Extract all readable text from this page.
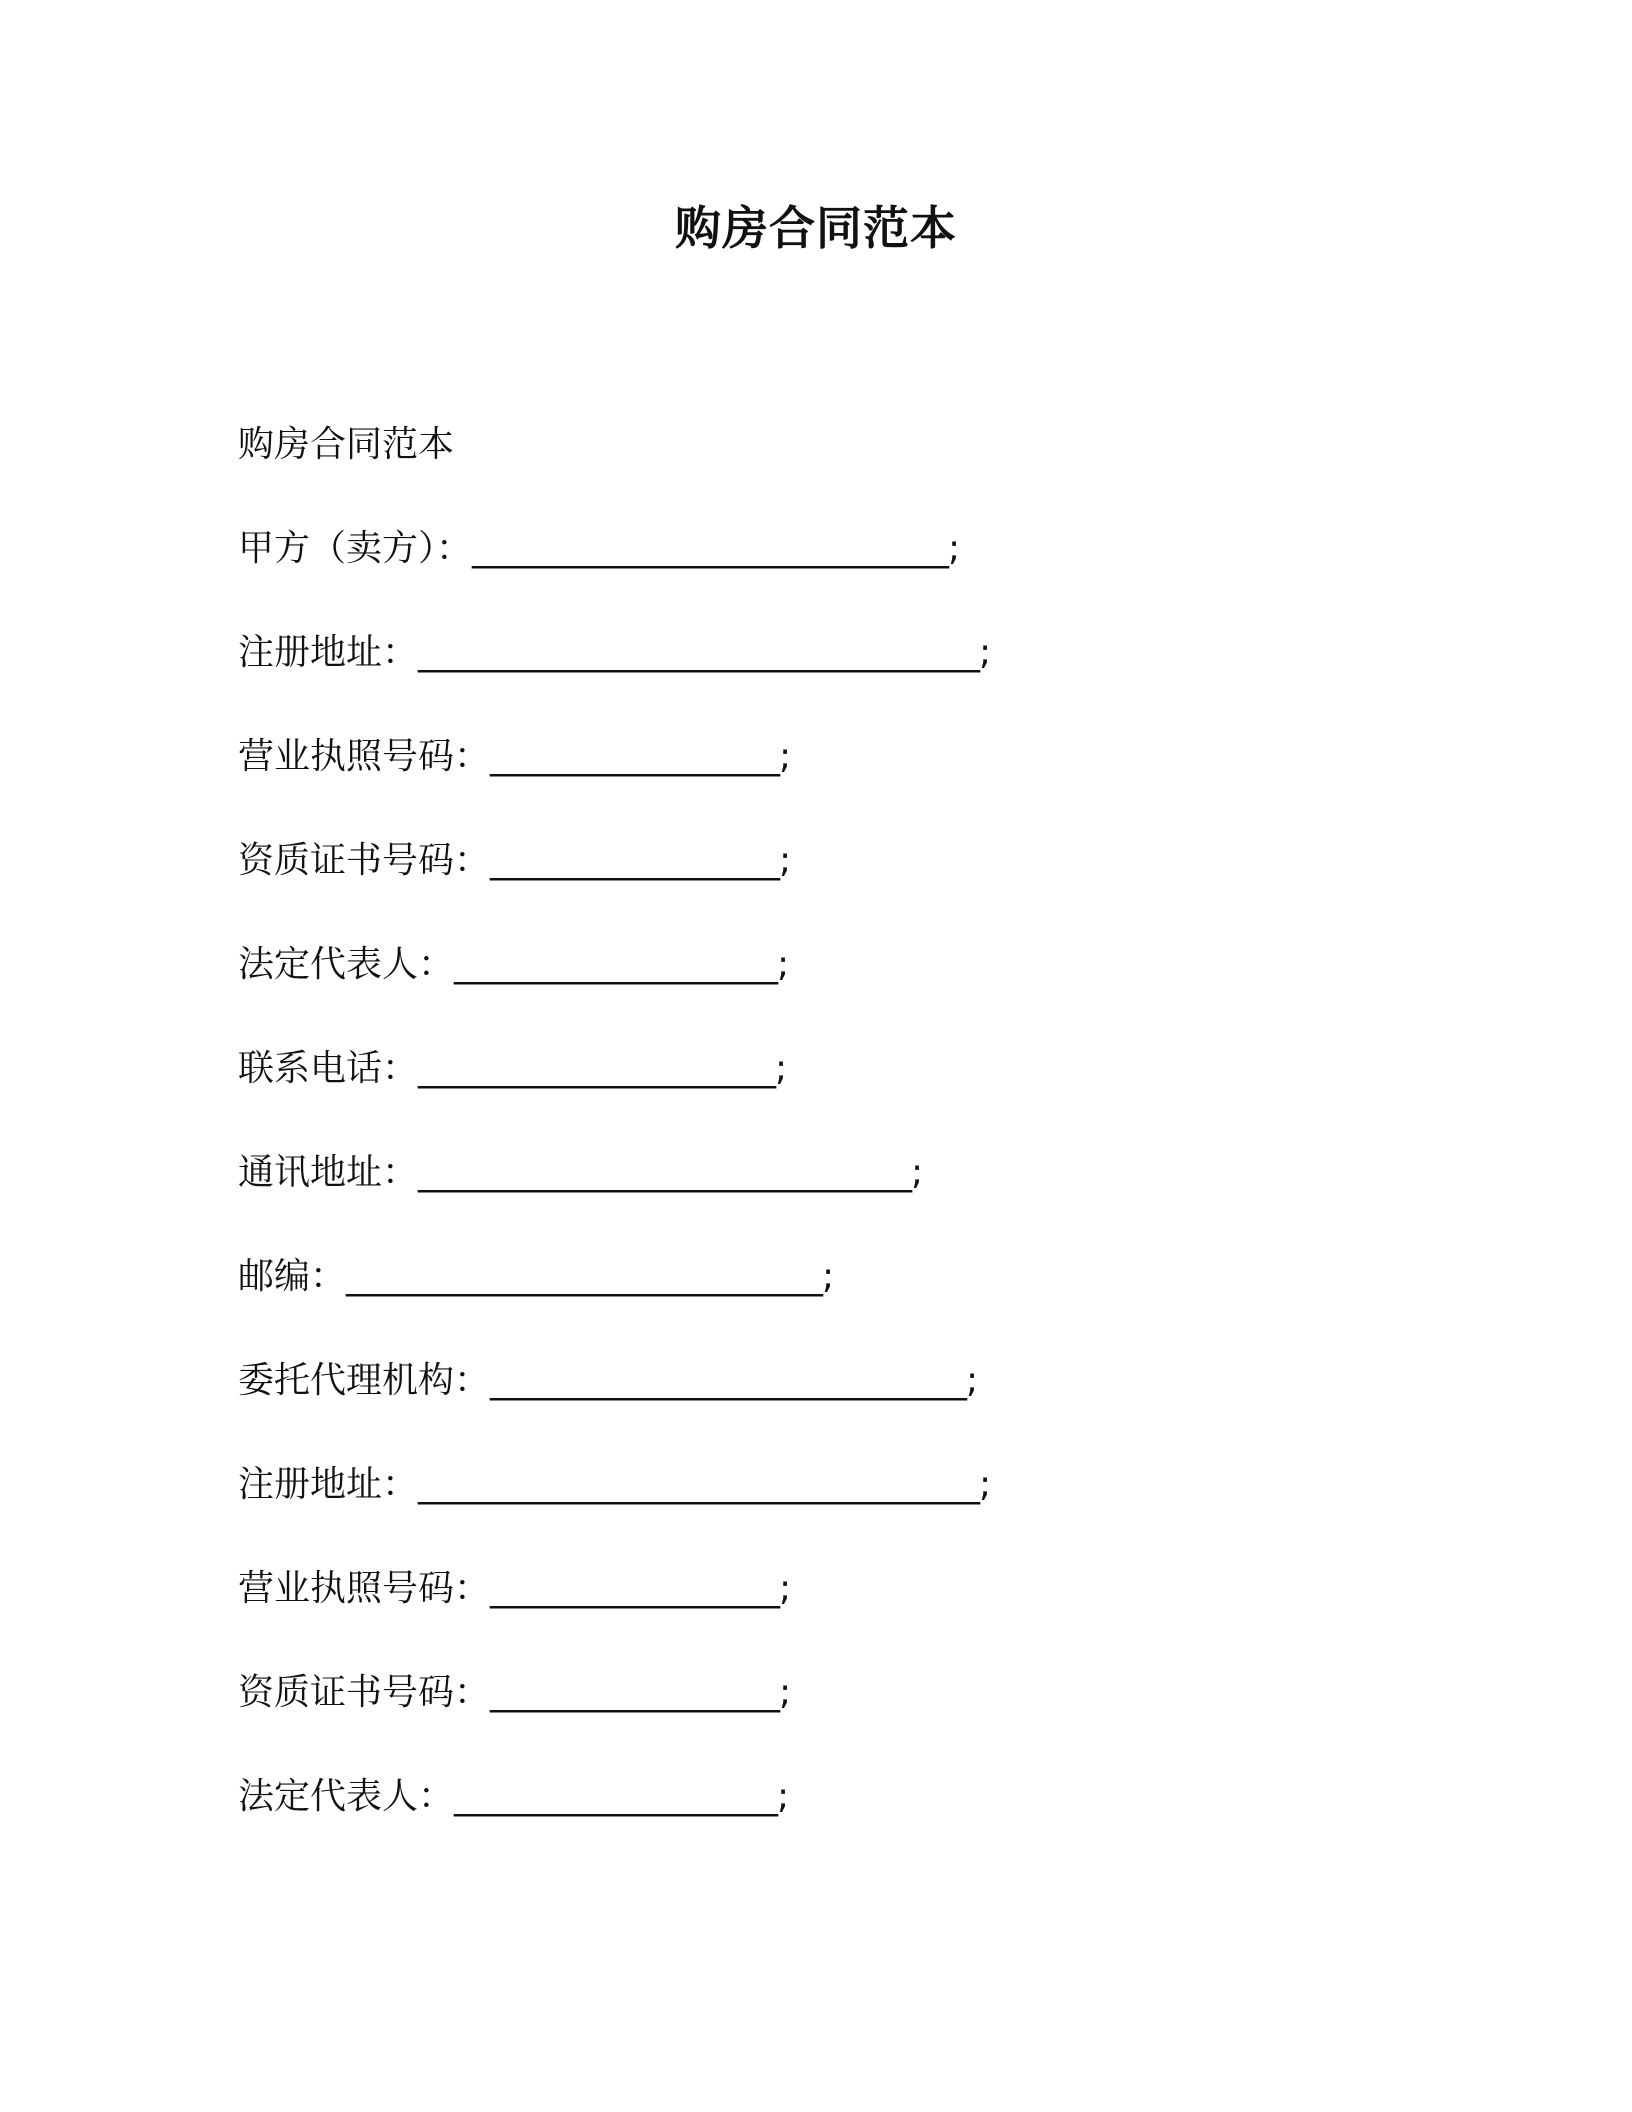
购房合同范本

购房合同范本

甲方（卖方）：____________________________;
注册地址：_________________________________;
营业执照号码：_________________;
资质证书号码：_________________;
法定代表人：___________________;
联系电话：_____________________;
通讯地址：_____________________________;
邮编：____________________________;
委托代理机构：____________________________;
注册地址：_________________________________;
营业执照号码：_________________;
资质证书号码：_________________;
法定代表人：___________________;
